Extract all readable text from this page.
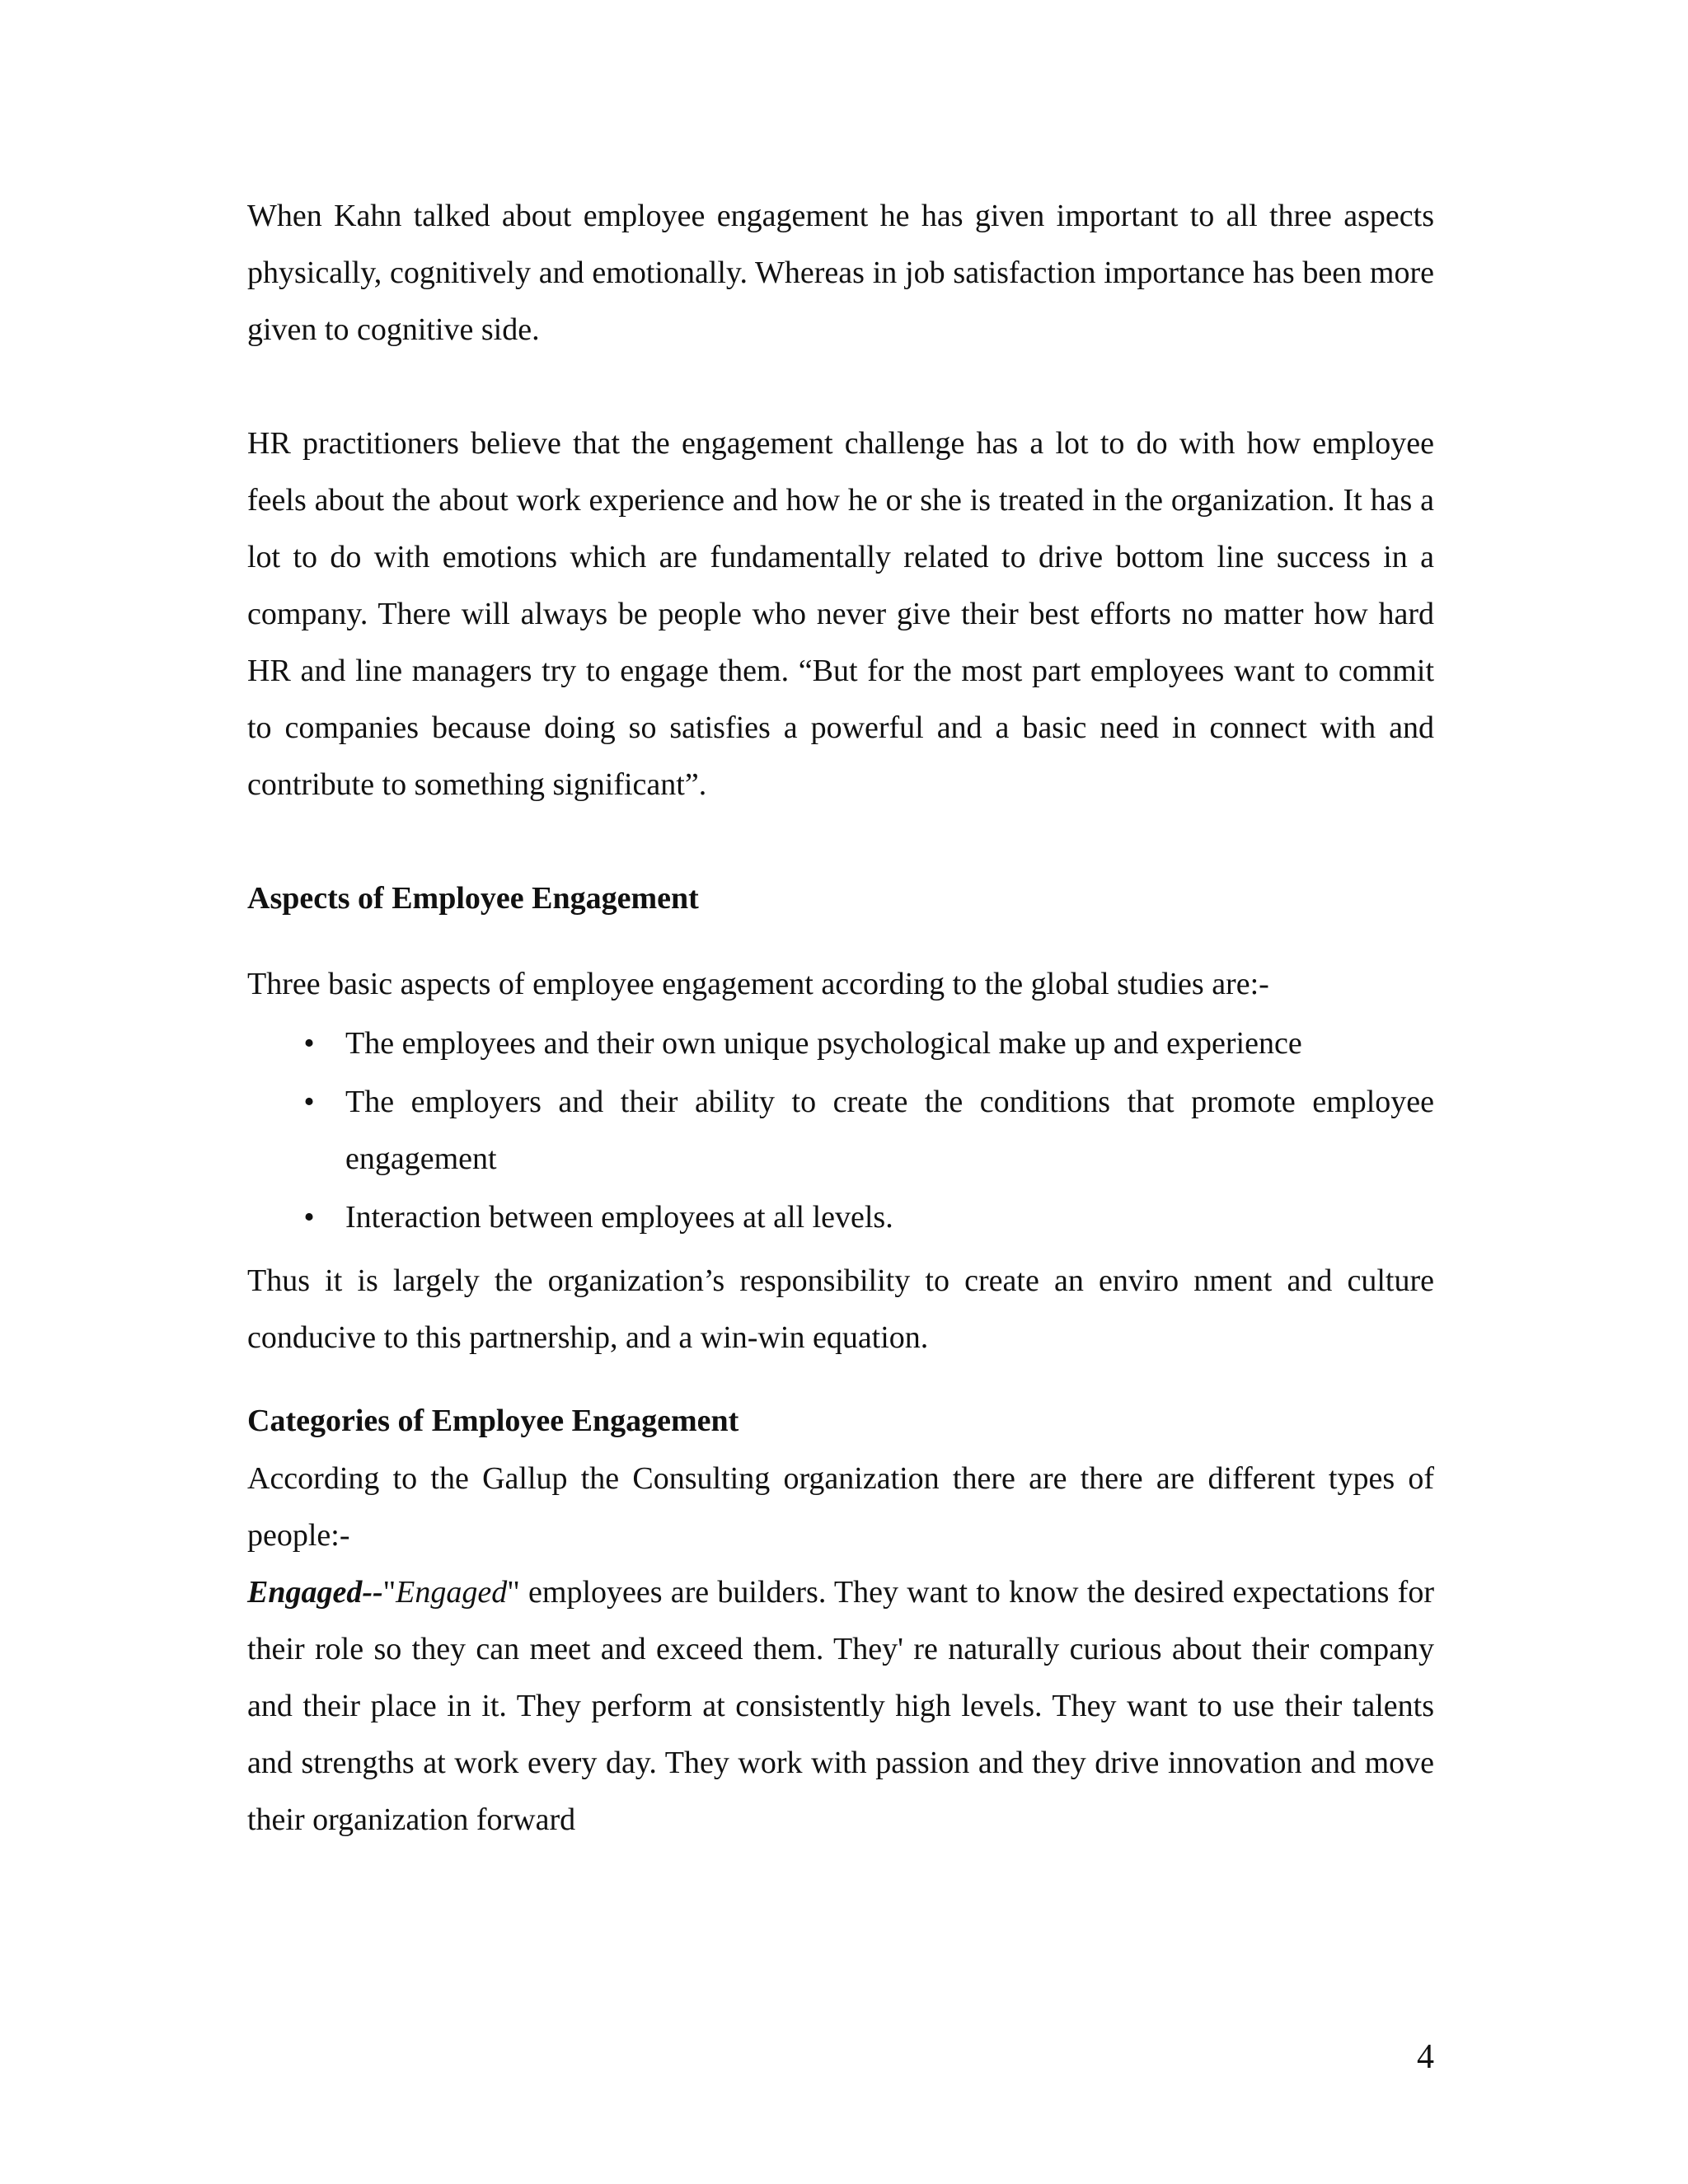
When Kahn talked about employee engagement he has given important to all three aspects physically, cognitively and emotionally. Whereas in job satisfaction importance has been more given to cognitive side.

HR practitioners believe that the engagement challenge has a lot to do with how employee feels about the about work experience and how he or she is treated in the organization. It has a lot to do with emotions which are fundamentally related to drive bottom line success in a company. There will always be people who never give their best efforts no matter how hard HR and line managers try to engage them. “But for the most part employees want to commit to companies because doing so satisfies a powerful and a basic need in connect with and contribute to something significant”.

Aspects of Employee Engagement

Three basic aspects of employee engagement according to the global studies are:-

• The employees and their own unique psychological make up and experience
• The employers and their ability to create the conditions that promote employee engagement
• Interaction between employees at all levels.

Thus it is largely the organization’s responsibility to create an enviro nment and culture conducive to this partnership, and a win-win equation.

Categories of Employee Engagement

According to the Gallup the Consulting organization there are there are different types of people:-

Engaged--"Engaged" employees are builders. They want to know the desired expectations for their role so they can meet and exceed them. They' re naturally curious about their company and their place in it. They perform at consistently high levels. They want to use their talents and strengths at work every day. They work with passion and they drive innovation and move their organization forward

4
